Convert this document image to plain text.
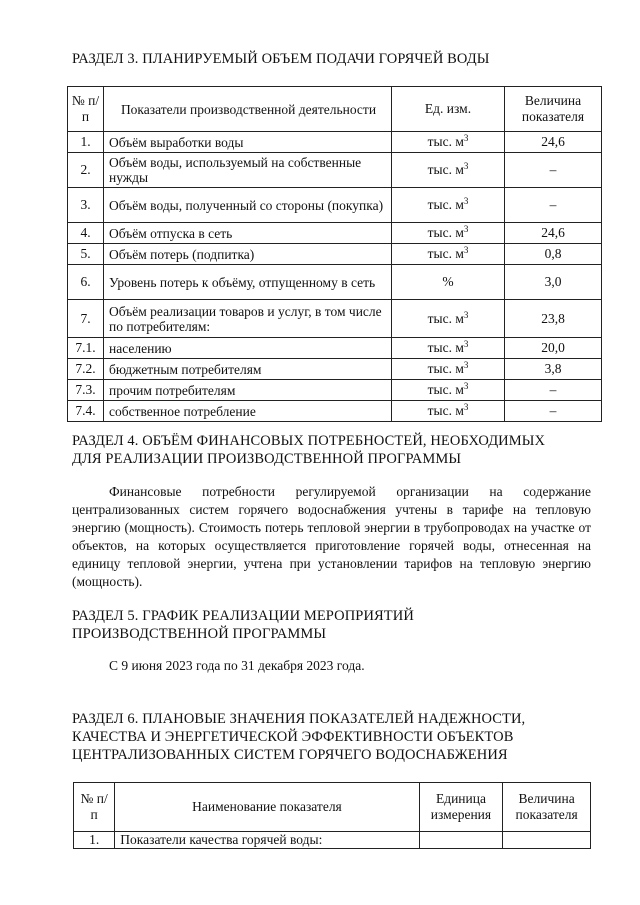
РАЗДЕЛ 3. ПЛАНИРУЕМЫЙ ОБЪЕМ ПОДАЧИ ГОРЯЧЕЙ ВОДЫ
№ п/п	Показатели производственной деятельности	Ед. изм.	Величина показателя
1.	Объём выработки воды	тыс. $м^3$	24,6
2.	Объём воды, используемый на собственные нужды	тыс. $м^3$	–
3.	Объём воды, полученный со стороны (покупка)	тыс. $м^3$	–
4.	Объём отпуска в сеть	тыс. $м^3$	24,6
5.	Объём потерь (подпитка)	тыс. $м^3$	0,8
6.	Уровень потерь к объёму, отпущенному в сеть	%	3,0
7.	Объём реализации товаров и услуг, в том числе по потребителям:	тыс. $м^3$	23,8
7.1.	населению	тыс. $м^3$	20,0
7.2.	бюджетным потребителям	тыс. $м^3$	3,8
7.3.	прочим потребителям	тыс. $м^3$	–
7.4.	собственное потребление	тыс. $м^3$	–
РАЗДЕЛ 4. ОБЪЁМ ФИНАНСОВЫХ ПОТРЕБНОСТЕЙ, НЕОБХОДИМЫХ
ДЛЯ РЕАЛИЗАЦИИ ПРОИЗВОДСТВЕННОЙ ПРОГРАММЫ

Финансовые потребности регулируемой организации на содержание централизованных систем горячего водоснабжения учтены в тарифе на тепловую энергию (мощность). Стоимость потерь тепловой энергии в трубопроводах на участке от объектов, на которых осуществляется приготовление горячей воды, отнесенная на единицу тепловой энергии, учтена при установлении тарифов на тепловую энергию (мощность).

РАЗДЕЛ 5. ГРАФИК РЕАЛИЗАЦИИ МЕРОПРИЯТИЙ
ПРОИЗВОДСТВЕННОЙ ПРОГРАММЫ
С 9 июня 2023 года по 31 декабря 2023 года.
РАЗДЕЛ 6. ПЛАНОВЫЕ ЗНАЧЕНИЯ ПОКАЗАТЕЛЕЙ НАДЕЖНОСТИ,
КАЧЕСТВА И ЭНЕРГЕТИЧЕСКОЙ ЭФФЕКТИВНОСТИ ОБЪЕКТОВ
ЦЕНТРАЛИЗОВАННЫХ СИСТЕМ ГОРЯЧЕГО ВОДОСНАБЖЕНИЯ
№ п/п	Наименование показателя	Единица измерения	Величина показателя
1.	Показатели качества горячей воды:		
